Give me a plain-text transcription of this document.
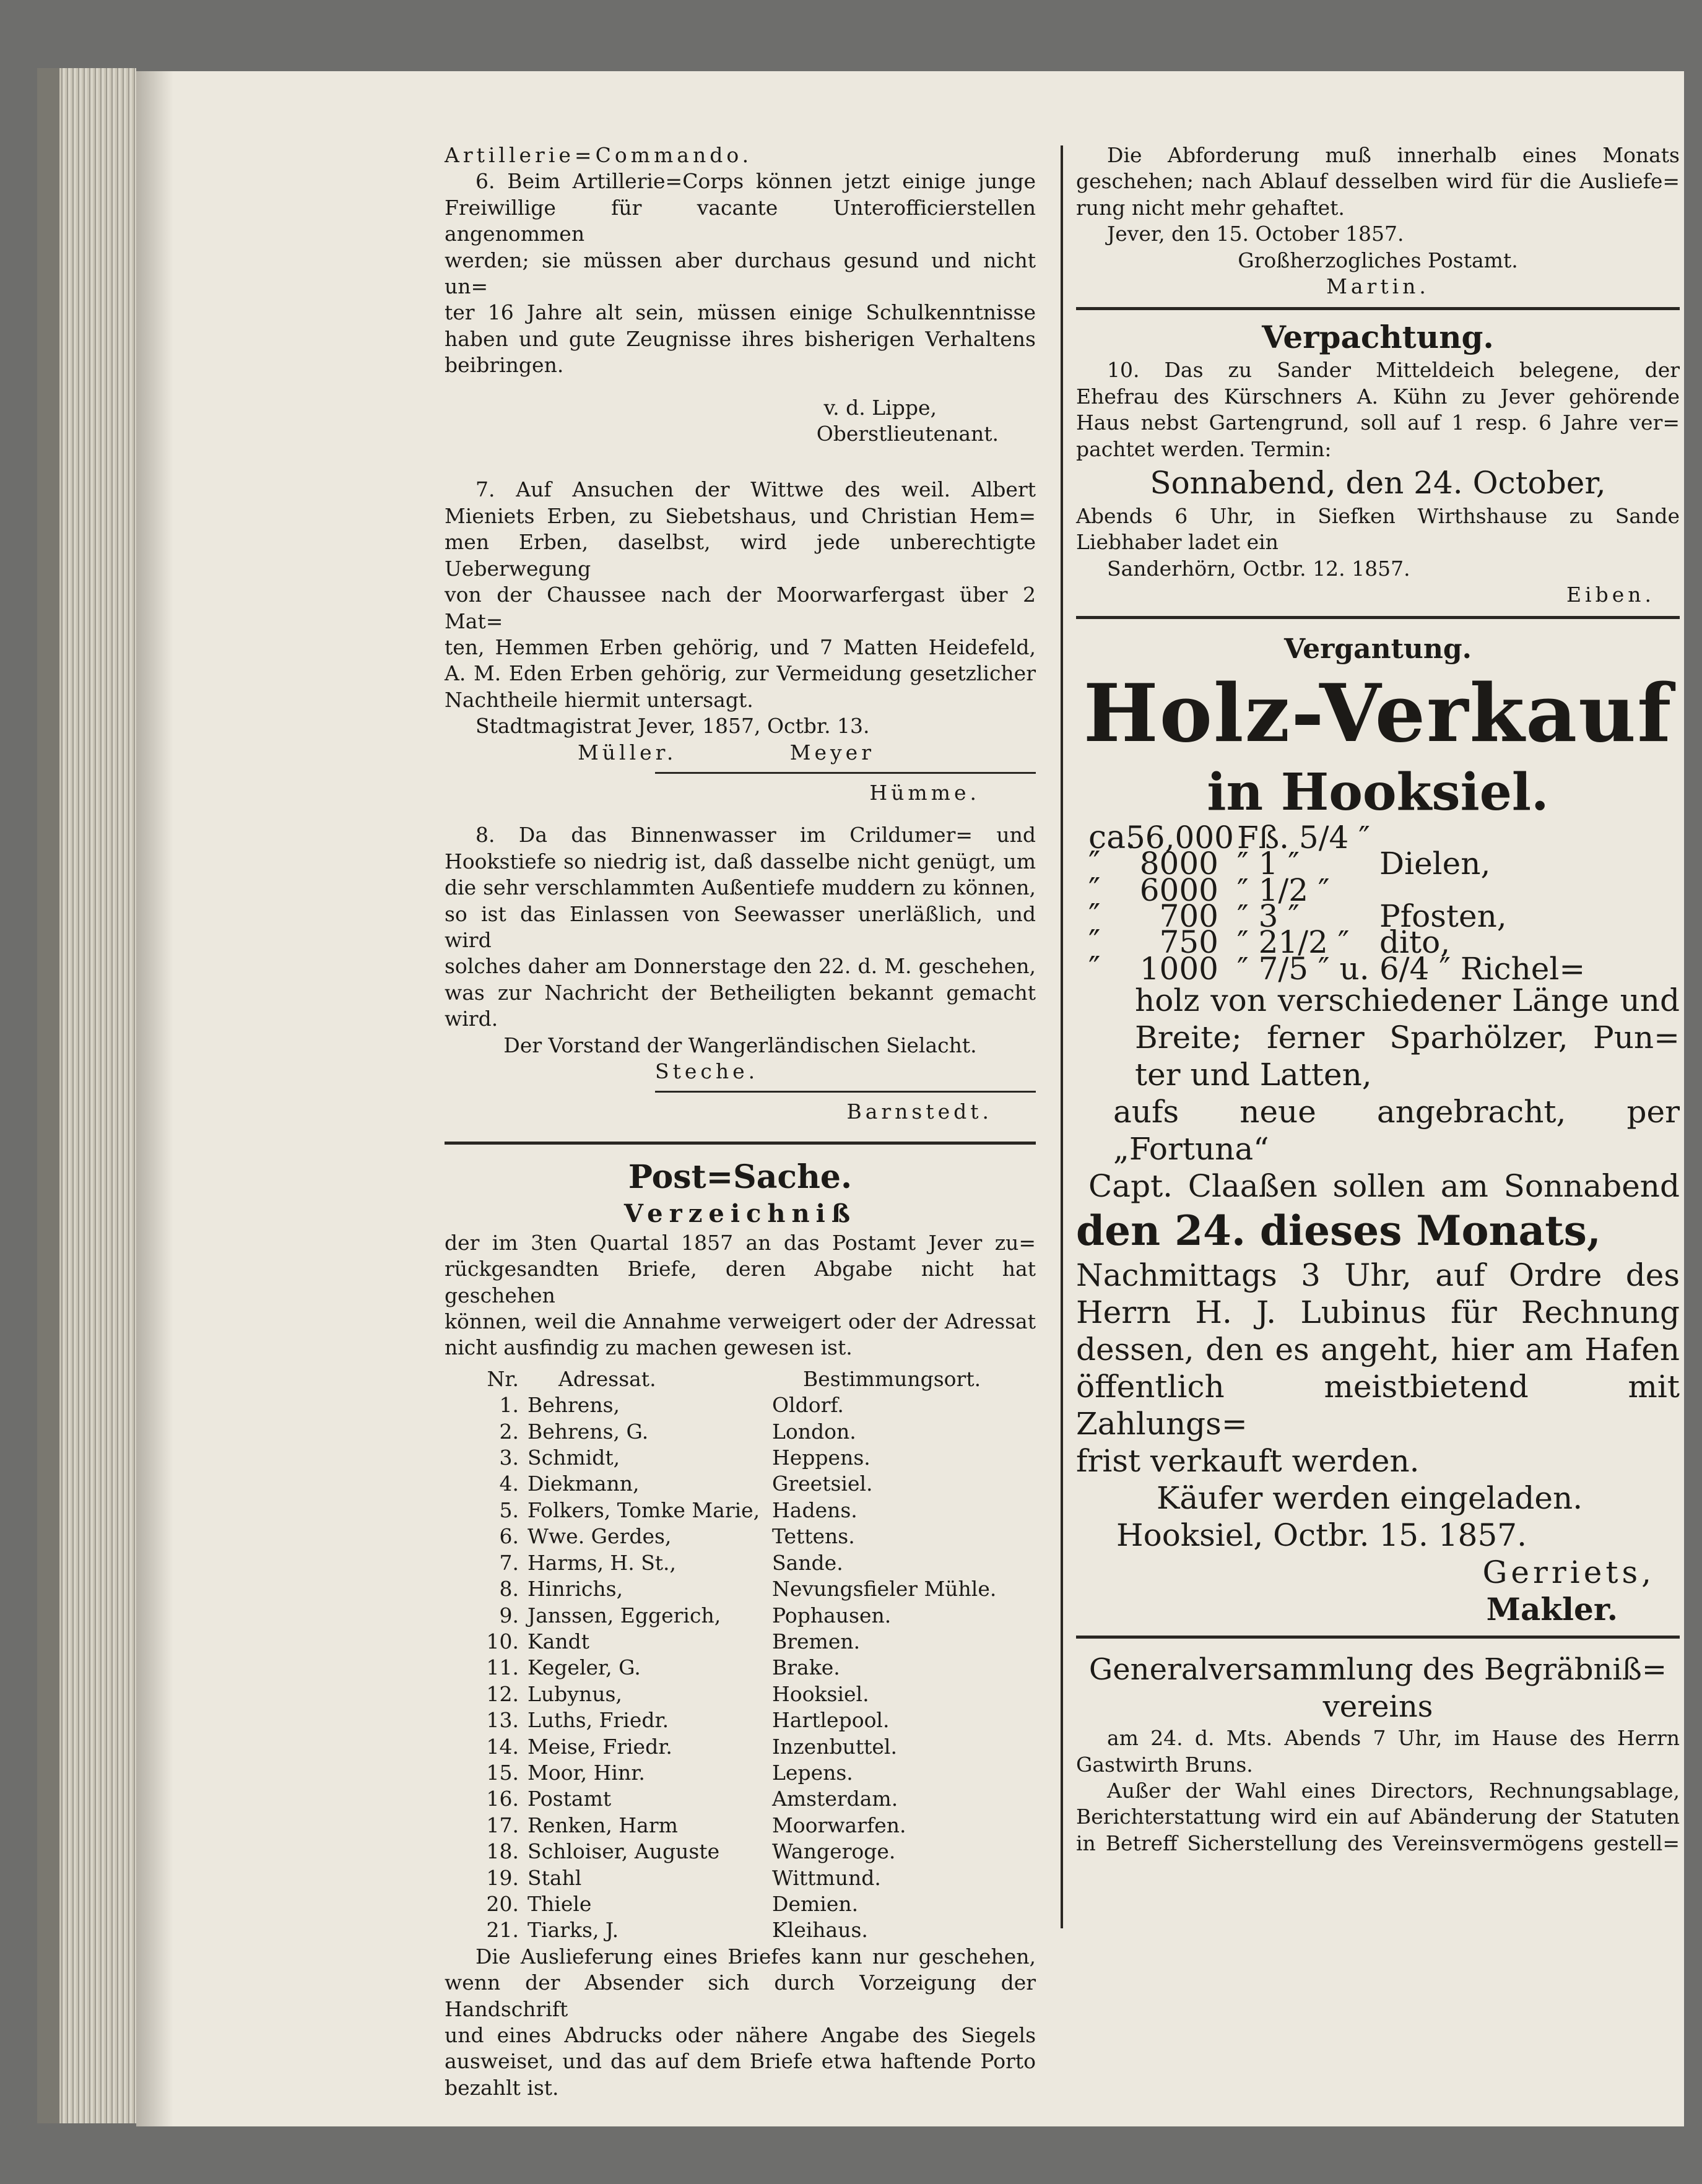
Artillerie=Commando.

6. Beim Artillerie=Corps können jetzt einige junge

Freiwillige für vacante Unterofficierstellen angenommen

werden; sie müssen aber durchaus gesund und nicht un=

ter 16 Jahre alt sein, müssen einige Schulkenntnisse

haben und gute Zeugnisse ihres bisherigen Verhaltens

beibringen.

v. d. Lippe,

Oberstlieutenant.

7. Auf Ansuchen der Wittwe des weil. Albert

Mieniets Erben, zu Siebetshaus, und Christian Hem=

men Erben, daselbst, wird jede unberechtigte Ueberwegung

von der Chaussee nach der Moorwarfergast über 2 Mat=

ten, Hemmen Erben gehörig, und 7 Matten Heidefeld,

A. M. Eden Erben gehörig, zur Vermeidung gesetzlicher

Nachtheile hiermit untersagt.

Stadtmagistrat Jever, 1857, Octbr. 13.

Müller.	Meyer

Hümme.

8. Da das Binnenwasser im Crildumer= und

Hookstiefe so niedrig ist, daß dasselbe nicht genügt, um

die sehr verschlammten Außentiefe muddern zu können,

so ist das Einlassen von Seewasser unerläßlich, und wird

solches daher am Donnerstage den 22. d. M. geschehen,

was zur Nachricht der Betheiligten bekannt gemacht

wird.

Der Vorstand der Wangerländischen Sielacht.

Steche.

Barnstedt.

Post=Sache.

Verzeichniß

der im 3ten Quartal 1857 an das Postamt Jever zu=

rückgesandten Briefe, deren Abgabe nicht hat geschehen

können, weil die Annahme verweigert oder der Adressat

nicht ausfindig zu machen gewesen ist.

Nr.	Adressat.	Bestimmungsort.
1. Behrens,	Oldorf.
2. Behrens, G.	London.
3. Schmidt,	Heppens.
4. Diekmann,	Greetsiel.
5. Folkers, Tomke Marie, Hadens.
6. Wwe. Gerdes,	Tettens.
7. Harms, H. St.,	Sande.
8. Hinrichs,	Nevungsfieler Mühle.
9. Janssen, Eggerich,	Pophausen.
10. Kandt	Bremen.
11. Kegeler, G.	Brake.
12. Lubynus,	Hooksiel.
13. Luths, Friedr.	Hartlepool.
14. Meise, Friedr.	Inzenbuttel.
15. Moor, Hinr.	Lepens.
16. Postamt	Amsterdam.
17. Renken, Harm	Moorwarfen.
18. Schloiser, Auguste	Wangeroge.
19. Stahl	Wittmund.
20. Thiele	Demien.
21. Tiarks, J.	Kleihaus.

Die Auslieferung eines Briefes kann nur geschehen,

wenn der Absender sich durch Vorzeigung der Handschrift

und eines Abdrucks oder nähere Angabe des Siegels

ausweiset, und das auf dem Briefe etwa haftende Porto

bezahlt ist.

Die Abforderung muß innerhalb eines Monats

geschehen; nach Ablauf desselben wird für die Ausliefe=

rung nicht mehr gehaftet.

Jever, den 15. October 1857.

Großherzogliches Postamt.

Martin.

Verpachtung.

10. Das zu Sander Mitteldeich belegene, der

Ehefrau des Kürschners A. Kühn zu Jever gehörende

Haus nebst Gartengrund, soll auf 1 resp. 6 Jahre ver=

pachtet werden. Termin:

Sonnabend, den 24. October,

Abends 6 Uhr, in Siefken Wirthshause zu Sande

Liebhaber ladet ein

Sanderhörn, Octbr. 12. 1857.

Eiben.

Vergantung.

Holz-Verkauf

in Hooksiel.

ca.
56,000 Fß. 5/4 ″
″	8000 ″ 1 ″	Dielen,
″	6000 ″ 1/2 ″
″	700 ″ 3 ″	Pfosten,
″	750 ″ 21/2 ″ dito,
″	1000 ″ 7/5 ″ u. 6/4 ″ Richel=

holz von verschiedener Länge und

Breite; ferner Sparhölzer, Pun=

ter und Latten,

aufs neue angebracht, per „Fortuna“

Capt. Claaßen sollen am Sonnabend

den 24. dieses Monats,

Nachmittags 3 Uhr, auf Ordre des

Herrn H. J. Lubinus für Rechnung

dessen, den es angeht, hier am Hafen

öffentlich meistbietend mit Zahlungs=

frist verkauft werden.

Käufer werden eingeladen.

Hooksiel, Octbr. 15. 1857.

Gerriets,

Makler.

Generalversammlung des Begräbniß=

vereins

am 24. d. Mts. Abends 7 Uhr, im Hause des Herrn

Gastwirth Bruns.

Außer der Wahl eines Directors, Rechnungsablage,

Berichterstattung wird ein auf Abänderung der Statuten

in Betreff Sicherstellung des Vereinsvermögens gestell=
